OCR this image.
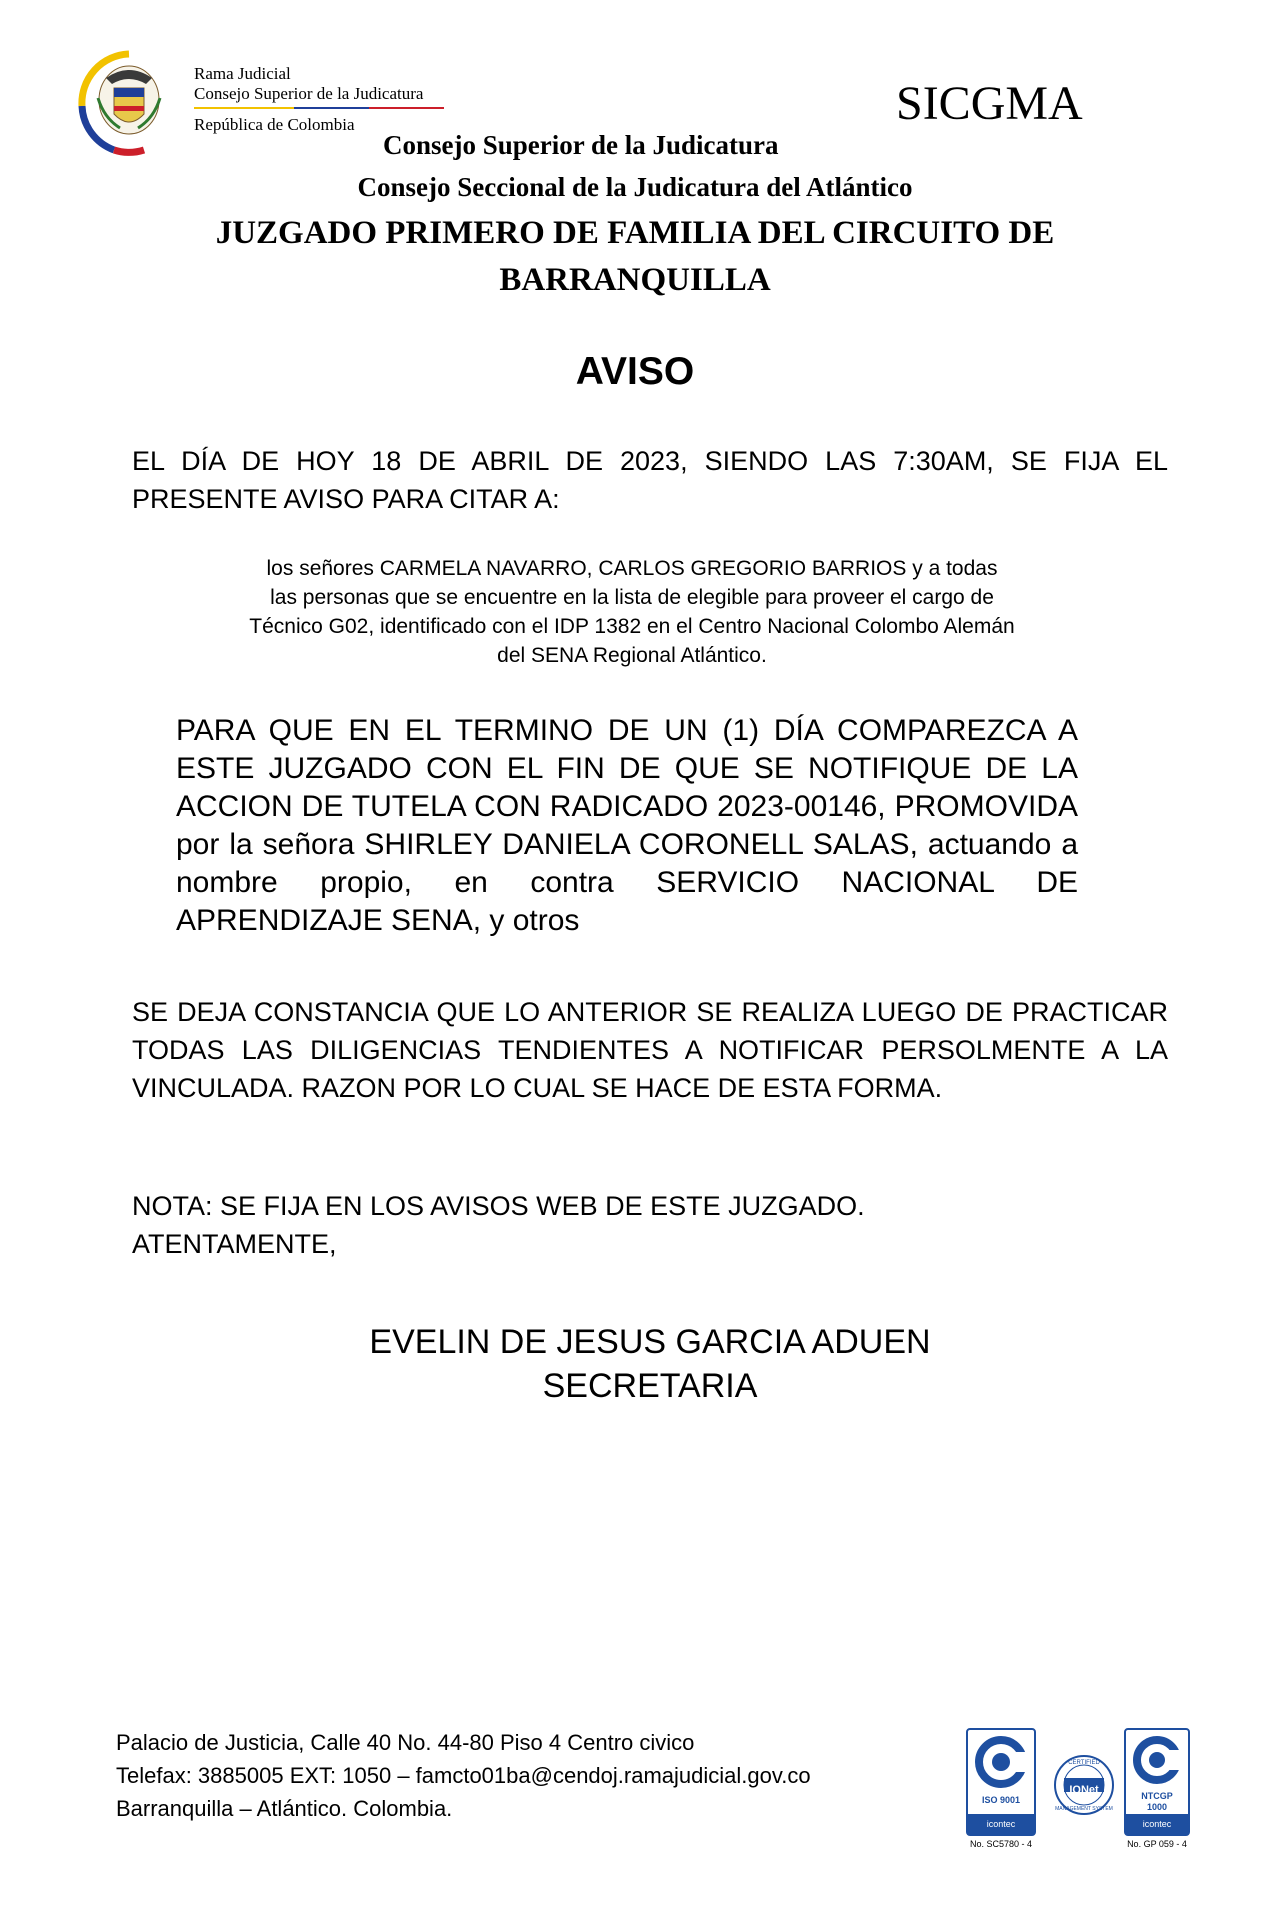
Rama Judicial
Consejo Superior de la Judicatura
República de Colombia	SICGMA
Consejo Superior de la Judicatura
Consejo Seccional de la Judicatura del Atlántico
JUZGADO PRIMERO DE FAMILIA DEL CIRCUITO DE
BARRANQUILLA
AVISO
EL DÍA DE HOY 18 DE ABRIL DE 2023, SIENDO LAS 7:30AM, SE FIJA EL PRESENTE AVISO PARA CITAR A:
los señores CARMELA NAVARRO, CARLOS GREGORIO BARRIOS y a todas
las personas que se encuentre en la lista de elegible para proveer el cargo de
Técnico G02, identificado con el IDP 1382 en el Centro Nacional Colombo Alemán
del SENA Regional Atlántico.
PARA QUE EN EL TERMINO DE UN (1) DÍA COMPAREZCA A ESTE JUZGADO CON EL FIN DE QUE SE NOTIFIQUE DE LA ACCION DE TUTELA CON RADICADO 2023-00146, PROMOVIDA por la señora SHIRLEY DANIELA CORONELL SALAS, actuando a nombre propio, en contra SERVICIO NACIONAL DE APRENDIZAJE SENA, y otros
SE DEJA CONSTANCIA QUE LO ANTERIOR SE REALIZA LUEGO DE PRACTICAR TODAS LAS DILIGENCIAS TENDIENTES A NOTIFICAR PERSOLMENTE A LA VINCULADA. RAZON POR LO CUAL SE HACE DE ESTA FORMA.
NOTA: SE FIJA EN LOS AVISOS WEB DE ESTE JUZGADO.
ATENTAMENTE,
EVELIN DE JESUS GARCIA ADUEN
SECRETARIA
Palacio de Justicia, Calle 40 No. 44-80 Piso 4 Centro civico
Telefax: 3885005 EXT: 1050 – famcto01ba@cendoj.ramajudicial.gov.co
Barranquilla – Atlántico. Colombia.	ISO 9001
icontec
No. SC5780 - 4
IQNet
CERTIFIED
MANAGEMENT SYSTEM
NTCGP 1000
icontec
No. GP 059 - 4
